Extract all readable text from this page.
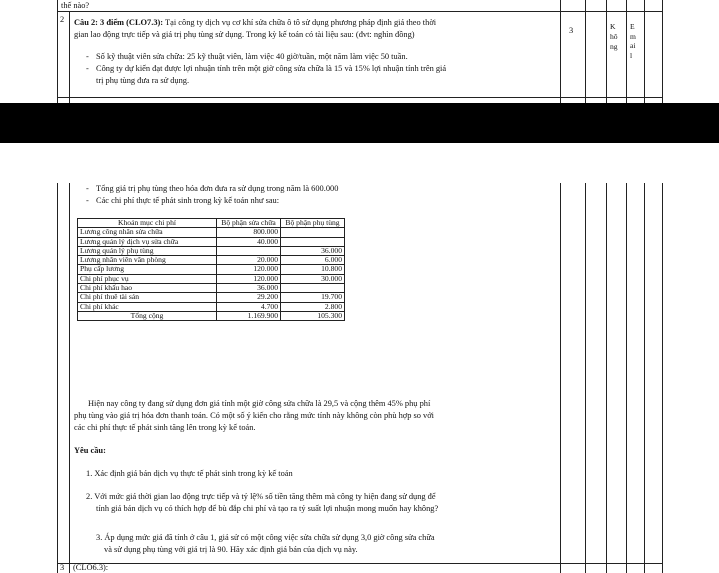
thế nào?
2 Câu 2: 3 điểm (CLO7.3): Tại công ty dịch vụ cơ khí sửa chữa ô tô sử dụng phương pháp định giá theo thời
gian lao động trực tiếp và giá trị phụ tùng sử dụng. Trong kỳ kế toán có tài liệu sau: (đvt: nghìn đồng)
- Số kỹ thuật viên sửa chữa: 25 kỹ thuật viên, làm việc 40 giờ/tuần, một năm làm việc 50 tuần.
- Công ty dự kiến đạt được lợi nhuận tính trên một giờ công sửa chữa là 15 và 15% lợi nhuận tính trên giá
trị phụ tùng đưa ra sử dụng.
3	K
hô
ng
E
m
ai
l
- Tổng giá trị phụ tùng theo hóa đơn đưa ra sử dụng trong năm là 600.000
- Các chi phí thực tế phát sinh trong kỳ kế toán như sau:
Khoản mục chi phí	Bộ phận sửa chữa	Bộ phận phụ tùng
Lương công nhân sửa chữa	800.000	
Lương quản lý dịch vụ sửa chữa	40.000	
Lương quản lý phụ tùng		36.000
Lương nhân viên văn phòng	20.000	6.000
Phụ cấp lương	120.000	10.800
Chi phí phục vụ	120.000	30.000
Chi phí khấu hao	36.000	
Chi phí thuê tài sản	29.200	19.700
Chi phí khác	4.700	2.800
Tổng cộng	1.169.900	105.300
Hiện nay công ty đang sử dụng đơn giá tính một giờ công sửa chữa là 29,5 và cộng thêm 45% phụ phí
phụ tùng vào giá trị hóa đơn thanh toán. Có một số ý kiến cho rằng mức tính này không còn phù hợp so với
các chi phí thực tế phát sinh tăng lên trong kỳ kế toán.
Yêu cầu:
1. Xác định giá bán dịch vụ thực tế phát sinh trong kỳ kế toán
2. Với mức giá thời gian lao động trực tiếp và tỷ lệ% số tiền tăng thêm mà công ty hiện đang sử dụng để
tính giá bán dịch vụ có thích hợp để bù đắp chi phí và tạo ra tỷ suất lợi nhuận mong muốn hay không?
3. Áp dụng mức giá đã tính ở câu 1, giả sử có một công việc sửa chữa sử dụng 3,0 giờ công sửa chữa
và sử dụng phụ tùng với giá trị là 90. Hãy xác định giá bán của dịch vụ này.
3 (CLO6.3):
